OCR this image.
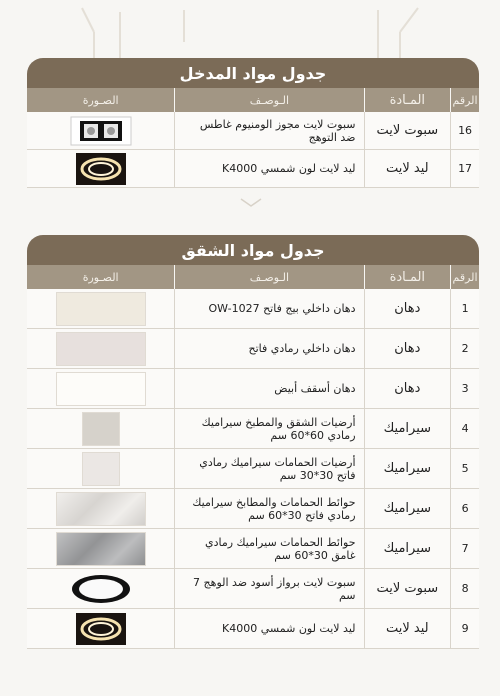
جدول مواد المدخل
الرقم
المـادة
الـوصـف
الصـورة
16
سبوت لايت
سبوت لايت مجوز الومنيوم غاطس ضد التوهج
17
ليد لايت
ليد لايت لون شمسي K4000
جدول مواد الشقق
الرقم
المـادة
الـوصـف
الصـورة
1
دهان
دهان داخلي بيج فاتح OW-1027
2
دهان
دهان داخلي رمادي فاتح
3
دهان
دهان أسقف أبيض
4
سيراميك
أرضيات الشقق والمطبخ سيراميك رمادي 60*60 سم
5
سيراميك
أرضيات الحمامات سيراميك رمادي فاتح 30*30 سم
6
سيراميك
حوائط الحمامات والمطابخ سيراميك رمادي فاتح 30*60 سم
7
سيراميك
حوائط الحمامات سيراميك رمادي غامق 30*60 سم
8
سبوت لايت
سبوت لايت برواز أسود ضد الوهج 7 سم
9
ليد لايت
ليد لايت لون شمسي K4000
